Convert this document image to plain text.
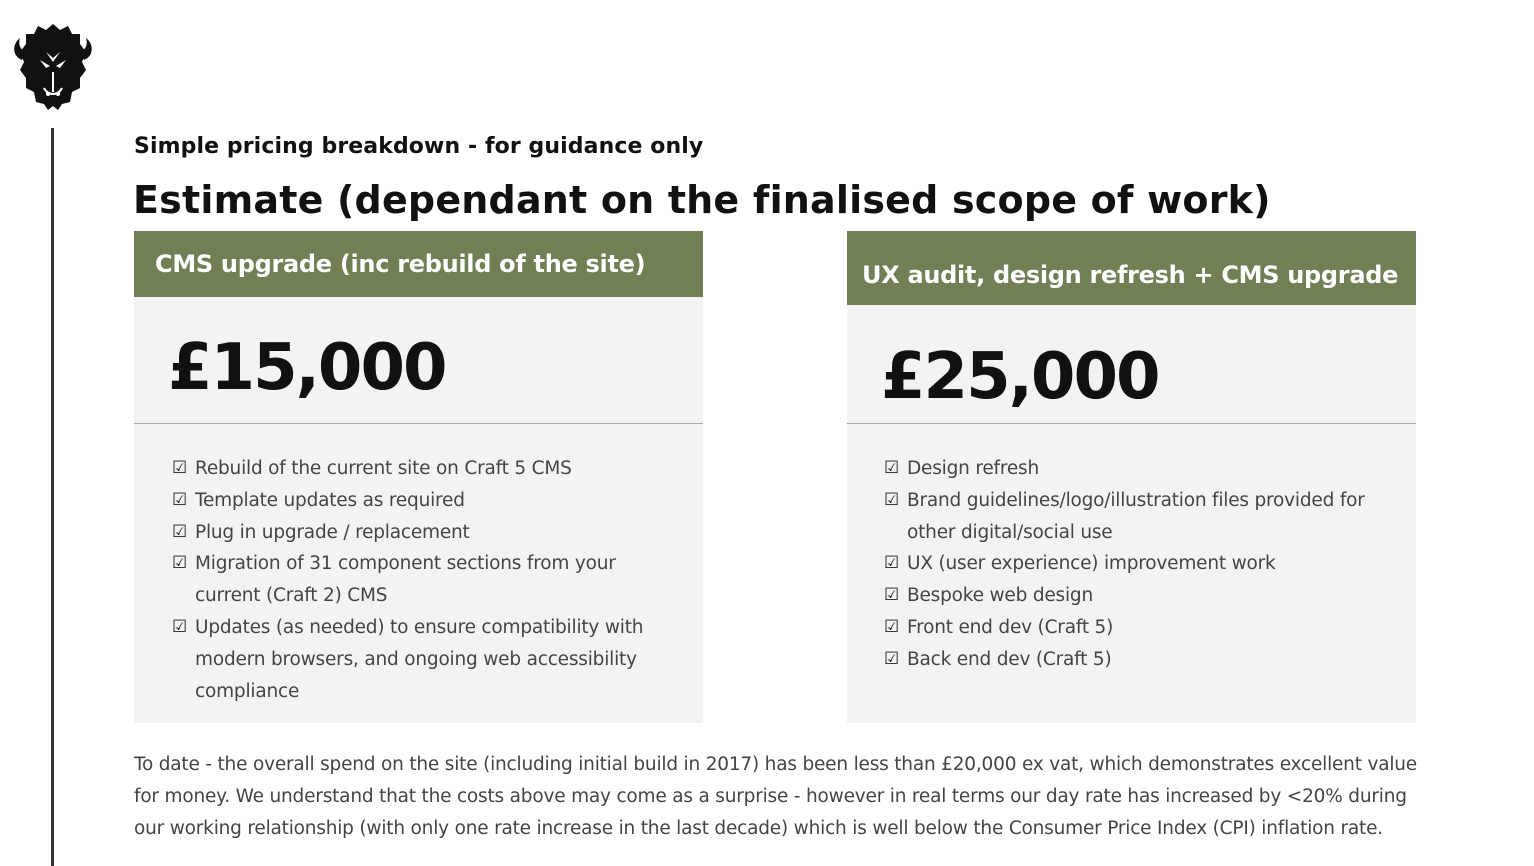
Simple pricing breakdown - for guidance only
Estimate (dependant on the finalised scope of work)
CMS upgrade (inc rebuild of the site)
£15,000
☑ Rebuild of the current site on Craft 5 CMS
☑ Template updates as required
☑ Plug in upgrade / replacement
☑ Migration of 31 component sections from your current (Craft 2) CMS
☑ Updates (as needed) to ensure compatibility with modern browsers, and ongoing web accessibility compliance
UX audit, design refresh + CMS upgrade
£25,000
☑ Design refresh
☑ Brand guidelines/logo/illustration files provided for other digital/social use
☑ UX (user experience) improvement work
☑ Bespoke web design
☑ Front end dev (Craft 5)
☑ Back end dev (Craft 5)
To date - the overall spend on the site (including initial build in 2017) has been less than £20,000 ex vat, which demonstrates excellent value for money. We understand that the costs above may come as a surprise - however in real terms our day rate has increased by <20% during our working relationship (with only one rate increase in the last decade) which is well below the Consumer Price Index (CPI) inflation rate.
